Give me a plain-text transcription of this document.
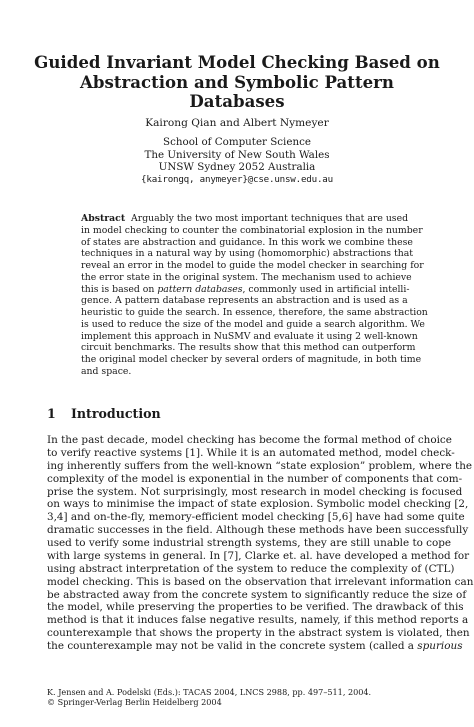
Guided Invariant Model Checking Based on
Abstraction and Symbolic Pattern Databases
Kairong Qian and Albert Nymeyer
School of Computer Science
The University of New South Wales
UNSW Sydney 2052 Australia
{kairongq, anymeyer}@cse.unsw.edu.au
Abstract Arguably the two most important techniques that are used
in model checking to counter the combinatorial explosion in the number
of states are abstraction and guidance. In this work we combine these
techniques in a natural way by using (homomorphic) abstractions that
reveal an error in the model to guide the model checker in searching for
the error state in the original system. The mechanism used to achieve
this is based on pattern databases, commonly used in artificial intelli-
gence. A pattern database represents an abstraction and is used as a
heuristic to guide the search. In essence, therefore, the same abstraction
is used to reduce the size of the model and guide a search algorithm. We
implement this approach in NuSMV and evaluate it using 2 well-known
circuit benchmarks. The results show that this method can outperform
the original model checker by several orders of magnitude, in both time
and space.
1 Introduction
In the past decade, model checking has become the formal method of choice
to verify reactive systems [1]. While it is an automated method, model check-
ing inherently suffers from the well-known “state explosion” problem, where the
complexity of the model is exponential in the number of components that com-
prise the system. Not surprisingly, most research in model checking is focused
on ways to minimise the impact of state explosion. Symbolic model checking [2,
3,4] and on-the-fly, memory-efficient model checking [5,6] have had some quite
dramatic successes in the field. Although these methods have been successfully
used to verify some industrial strength systems, they are still unable to cope
with large systems in general. In [7], Clarke et. al. have developed a method for
using abstract interpretation of the system to reduce the complexity of (CTL)
model checking. This is based on the observation that irrelevant information can
be abstracted away from the concrete system to significantly reduce the size of
the model, while preserving the properties to be verified. The drawback of this
method is that it induces false negative results, namely, if this method reports a
counterexample that shows the property in the abstract system is violated, then
the counterexample may not be valid in the concrete system (called a spurious
K. Jensen and A. Podelski (Eds.): TACAS 2004, LNCS 2988, pp. 497–511, 2004.
© Springer-Verlag Berlin Heidelberg 2004
